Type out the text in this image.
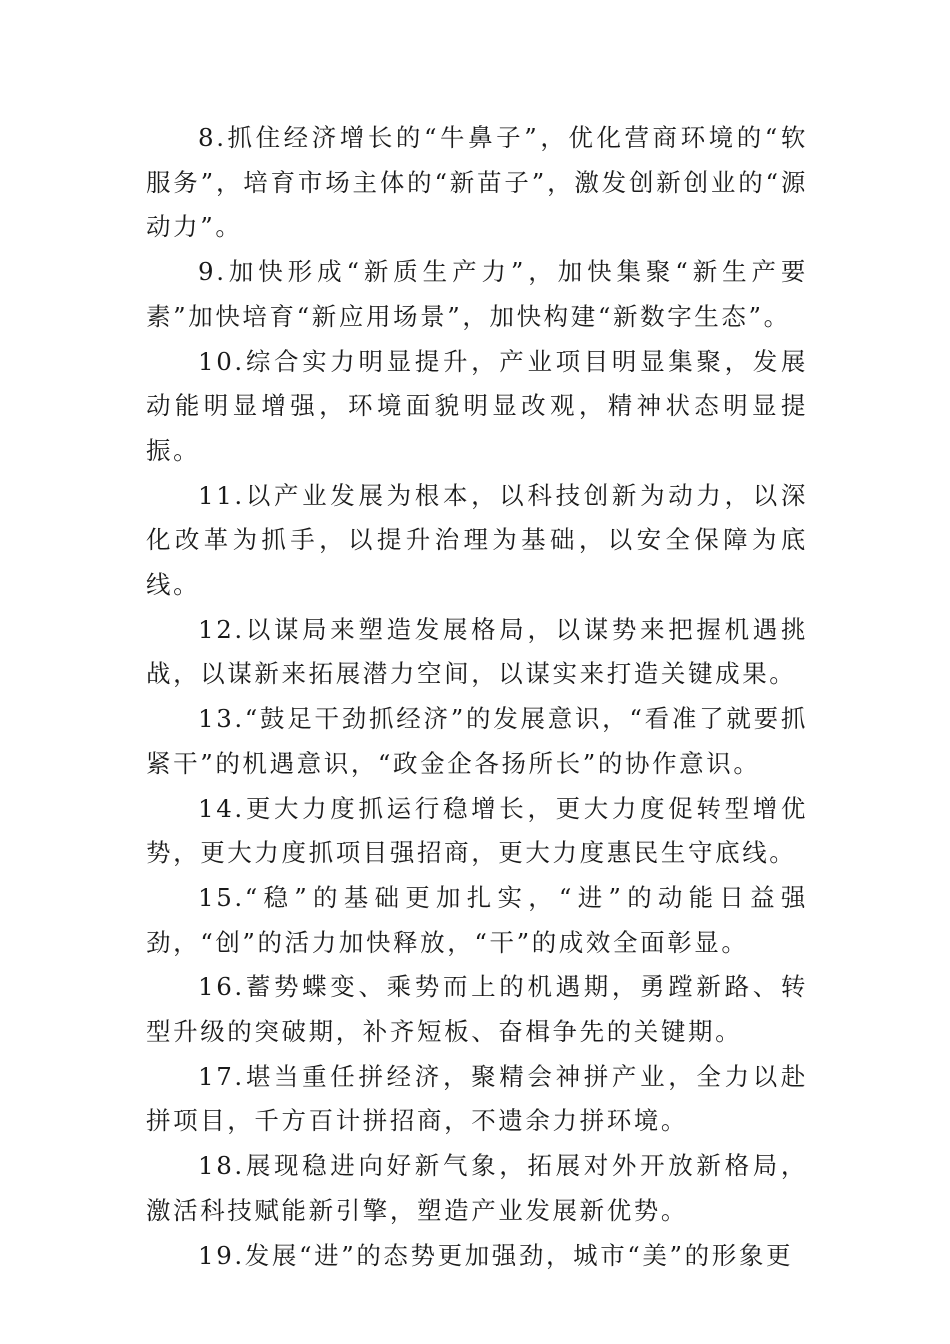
8.抓住经济增长的“牛鼻子”，优化营商环境的“软服务”，培育市场主体的“新苗子”，激发创新创业的“源动力”。

9.加快形成“新质生产力”，加快集聚“新生产要素”加快培育“新应用场景”，加快构建“新数字生态”。

10.综合实力明显提升，产业项目明显集聚，发展动能明显增强，环境面貌明显改观，精神状态明显提振。

11.以产业发展为根本，以科技创新为动力，以深化改革为抓手，以提升治理为基础，以安全保障为底线。

12.以谋局来塑造发展格局，以谋势来把握机遇挑战，以谋新来拓展潜力空间，以谋实来打造关键成果。

13.“鼓足干劲抓经济”的发展意识，“看准了就要抓紧干”的机遇意识，“政金企各扬所长”的协作意识。

14.更大力度抓运行稳增长，更大力度促转型增优势，更大力度抓项目强招商，更大力度惠民生守底线。

15.“稳”的基础更加扎实，“进”的动能日益强劲，“创”的活力加快释放，“干”的成效全面彰显。

16.蓄势蝶变、乘势而上的机遇期，勇蹚新路、转型升级的突破期，补齐短板、奋楫争先的关键期。

17.堪当重任拼经济，聚精会神拼产业，全力以赴拼项目，千方百计拼招商，不遗余力拼环境。

18.展现稳进向好新气象，拓展对外开放新格局，激活科技赋能新引擎，塑造产业发展新优势。

19.发展“进”的态势更加强劲，城市“美”的形象更
